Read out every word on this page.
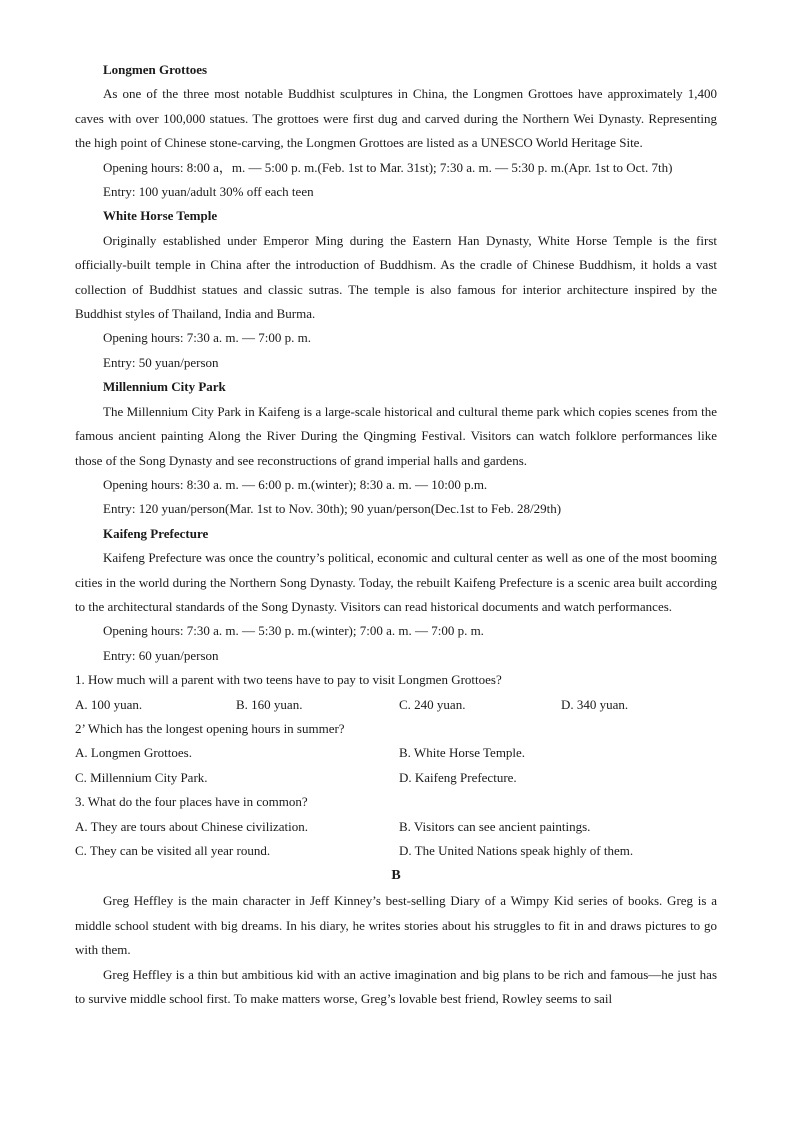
Longmen Grottoes
As one of the three most notable Buddhist sculptures in China, the Longmen Grottoes have approximately 1,400 caves with over 100,000 statues. The grottoes were first dug and carved during the Northern Wei Dynasty. Representing the high point of Chinese stone-carving, the Longmen Grottoes are listed as a UNESCO World Heritage Site.
Opening hours: 8:00 a，m. — 5:00 p. m.(Feb. 1st to Mar. 31st); 7:30 a. m. — 5:30 p. m.(Apr. 1st to Oct. 7th)
Entry: 100 yuan/adult 30% off each teen
White Horse Temple
Originally established under Emperor Ming during the Eastern Han Dynasty, White Horse Temple is the first officially-built temple in China after the introduction of Buddhism. As the cradle of Chinese Buddhism, it holds a vast collection of Buddhist statues and classic sutras. The temple is also famous for interior architecture inspired by the Buddhist styles of Thailand, India and Burma.
Opening hours: 7:30 a. m. — 7:00 p. m.
Entry: 50 yuan/person
Millennium City Park
The Millennium City Park in Kaifeng is a large-scale historical and cultural theme park which copies scenes from the famous ancient painting Along the River During the Qingming Festival. Visitors can watch folklore performances like those of the Song Dynasty and see reconstructions of grand imperial halls and gardens.
Opening hours: 8:30 a. m. — 6:00 p. m.(winter); 8:30 a. m. — 10:00 p.m.
Entry: 120 yuan/person(Mar. 1st to Nov. 30th); 90 yuan/person(Dec.1st to Feb. 28/29th)
Kaifeng Prefecture
Kaifeng Prefecture was once the country’s political, economic and cultural center as well as one of the most booming cities in the world during the Northern Song Dynasty. Today, the rebuilt Kaifeng Prefecture is a scenic area built according to the architectural standards of the Song Dynasty. Visitors can read historical documents and watch performances.
Opening hours: 7:30 a. m. — 5:30 p. m.(winter); 7:00 a. m. — 7:00 p. m.
Entry: 60 yuan/person
1. How much will a parent with two teens have to pay to visit Longmen Grottoes?
A. 100 yuan.	B. 160 yuan.	C. 240 yuan.	D. 340 yuan.
2’ Which has the longest opening hours in summer?
A. Longmen Grottoes.	B. White Horse Temple.
C. Millennium City Park.	D. Kaifeng Prefecture.
3. What do the four places have in common?
A. They are tours about Chinese civilization.	B. Visitors can see ancient paintings.
C. They can be visited all year round.	D. The United Nations speak highly of them.
B
Greg Heffley is the main character in Jeff Kinney’s best-selling Diary of a Wimpy Kid series of books. Greg is a middle school student with big dreams. In his diary, he writes stories about his struggles to fit in and draws pictures to go with them.
Greg Heffley is a thin but ambitious kid with an active imagination and big plans to be rich and famous—he just has to survive middle school first. To make matters worse, Greg’s lovable best friend, Rowley seems to sail
